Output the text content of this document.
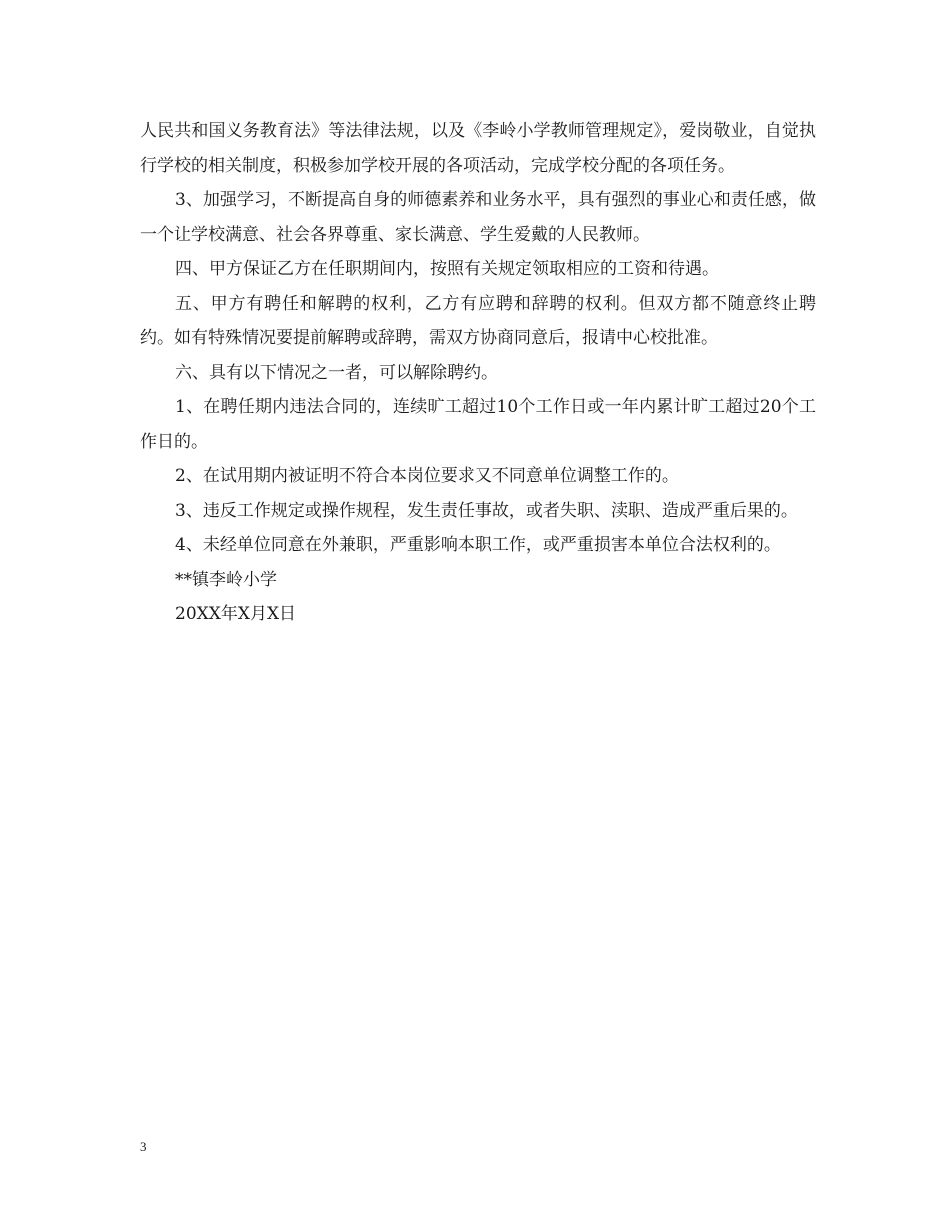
人民共和国义务教育法》等法律法规，以及《李岭小学教师管理规定》，爱岗敬业，自觉执行学校的相关制度，积极参加学校开展的各项活动，完成学校分配的各项任务。

3、加强学习，不断提高自身的师德素养和业务水平，具有强烈的事业心和责任感，做一个让学校满意、社会各界尊重、家长满意、学生爱戴的人民教师。

四、甲方保证乙方在任职期间内，按照有关规定领取相应的工资和待遇。

五、甲方有聘任和解聘的权利，乙方有应聘和辞聘的权利。但双方都不随意终止聘约。如有特殊情况要提前解聘或辞聘，需双方协商同意后，报请中心校批准。

六、具有以下情况之一者，可以解除聘约。

1、在聘任期内违法合同的，连续旷工超过10个工作日或一年内累计旷工超过20个工作日的。

2、在试用期内被证明不符合本岗位要求又不同意单位调整工作的。

3、违反工作规定或操作规程，发生责任事故，或者失职、渎职、造成严重后果的。

4、未经单位同意在外兼职，严重影响本职工作，或严重损害本单位合法权利的。

**镇李岭小学

20XX年X月X日

3
